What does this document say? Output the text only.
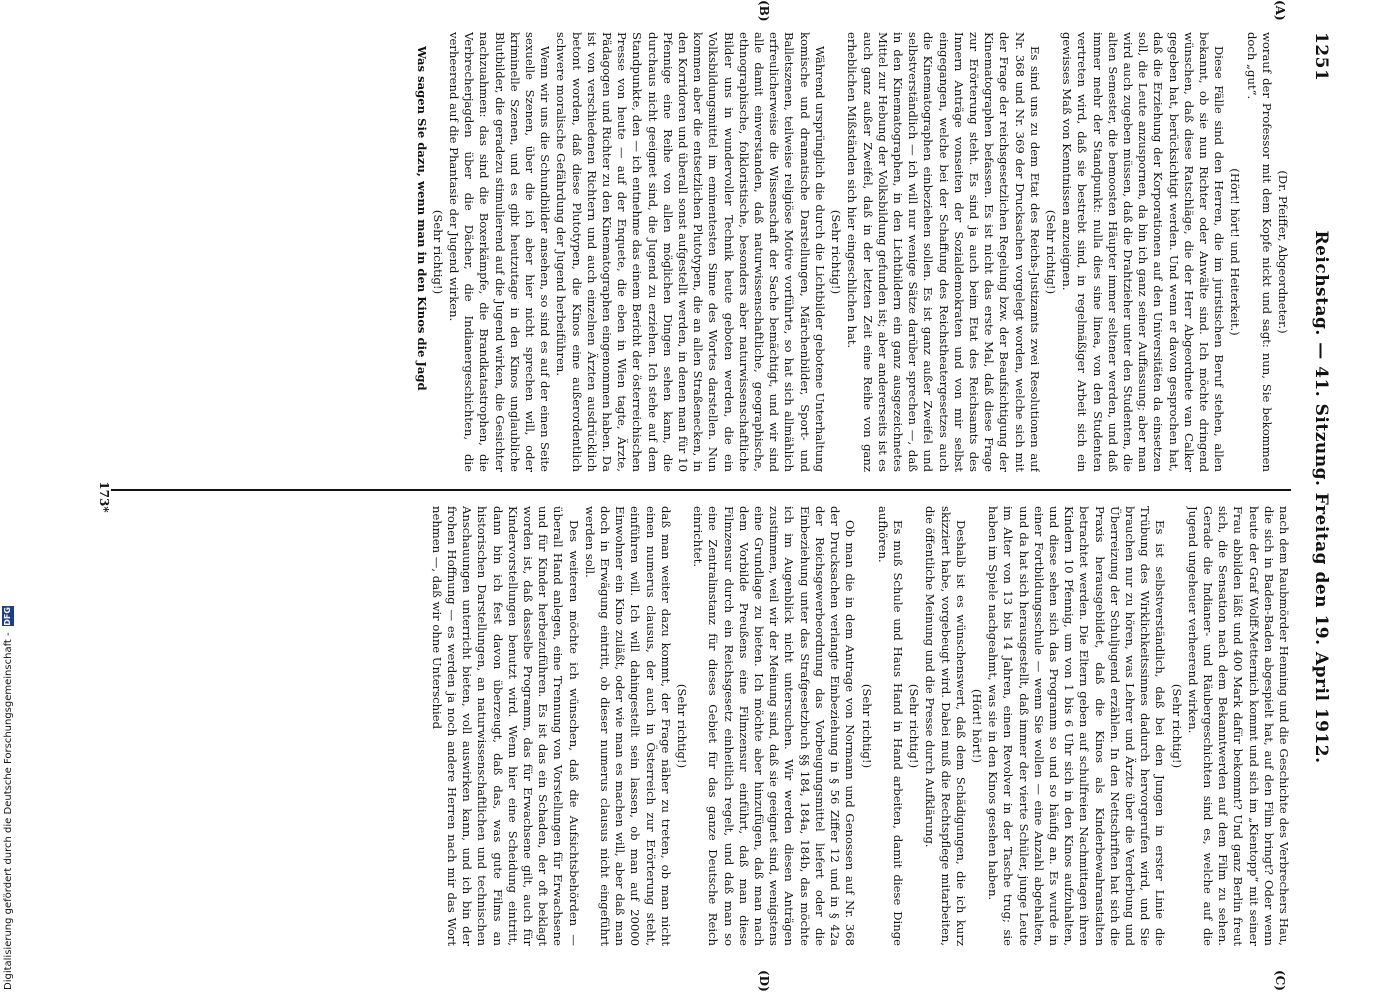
1251
Reichstag. — 41. Sitzung. Freitag den 19. April 1912.

(Dr. Pfeiffer, Abgeordneter.)

worauf der Professor mit dem Kopfe nickt und sagt: nun, Sie bekommen doch „gut“.

(Hört! hört! und Heiterkeit.)

Diese Fälle sind den Herren, die im juristischen Beruf stehen, allen bekannt, ob sie nun Richter oder Anwälte sind. Ich möchte dringend wünschen, daß diese Ratschläge, die der Herr Abgeordnete van Calker gegeben hat, berücksichtigt werden. Und wenn er davon gesprochen hat, daß die Erziehung der Korporationen auf den Universitäten da einsetzen soll, die Leute anzuspornen, da bin ich ganz seiner Auffassung; aber man wird auch zugeben müssen, daß die Drahtzieher unter den Studenten, die alten Semester, die bemoosten Häupter immer seltener werden, und daß immer mehr der Standpunkt: nulla dies sine linea, von den Studenten vertreten wird, daß sie bestrebt sind, in regelmäßiger Arbeit sich ein gewisses Maß von Kenntnissen anzueignen.

(Sehr richtig!)

Es sind uns zu dem Etat des Reichs-Justizamts zwei Resolutionen auf Nr. 368 und Nr. 369 der Drucksachen vorgelegt worden, welche sich mit der Frage der reichsgesetzlichen Regelung bzw. der Beaufsichtigung der Kinematographen befassen. Es ist nicht das erste Mal, daß diese Frage zur Erörterung steht. Es sind ja auch beim Etat des Reichsamts des Innern Anträge vonseiten der Sozialdemokraten und von mir selbst eingegangen, welche bei der Schaffung des Reichstheatergesetzes auch die Kinematographen einbeziehen sollen. Es ist ganz außer Zweifel und selbstverständlich — ich will nur wenige Sätze darüber sprechen —, daß in den Kinematographen, in den Lichtbildern ein ganz ausgezeichnetes Mittel zur Hebung der Volksbildung gefunden ist; aber andererseits ist es auch ganz außer Zweifel, daß in der letzten Zeit eine Reihe von ganz erheblichen Mißständen sich hier eingeschlichen hat.

(Sehr richtig!)

Während ursprünglich die durch die Lichtbilder gebotene Unterhaltung komische und dramatische Darstellungen, Märchenbilder, Sport- und Balletszenen, teilweise religiöse Motive vorführte, so hat sich allmählich erfreulicherweise die Wissenschaft der Sache bemächtigt, und wir sind alle damit einverstanden, daß naturwissenschaftliche, geographische, ethnographische, folkloristische, besonders aber naturwissenschaftliche Bilder uns in wundervoller Technik heute geboten werden, die ein Volksbildungsmittel im eminentesten Sinne des Wortes darstellen. Nun kommen aber die entsetzlichen Plutotypen, die an allen Straßenecken, in den Korridoren und überall sonst aufgestellt werden, in denen man für 10 Pfennige eine Reihe von allen möglichen Dingen sehen kann, die durchaus nicht geeignet sind, die Jugend zu erziehen. Ich stehe auf dem Standpunkte, den — ich entnehme das einem Bericht der österreichischen Presse von heute — auf der Enquete, die eben in Wien tagte, Ärzte, Pädagogen und Richter zu den Kinematographen eingenommen haben. Da ist von verschiedenen Richtern und auch einzelnen Ärzten ausdrücklich betont worden, daß diese Plutotypen, die Kinos eine außerordentlich schwere moralische Gefährdung der Jugend herbeiführen.

Wenn wir uns die Schundbilder ansehen, so sind es auf der einen Seite sexuelle Szenen, über die ich aber hier nicht sprechen will, oder kriminelle Szenen, und es gibt heutzutage in den Kinos unglaubliche Blutbilder, die geradezu stimulierend auf die Jugend wirken, die Gesichter nachzuahmen: das sind die Boxerkämpfe, die Brandkatastrophen, die Verbrecherjagden über die Dächer, die Indianergeschichten, die verheerend auf die Phantasie der Jugend wirken.

(Sehr richtig!)

Was sagen Sie dazu, wenn man in den Kinos die Jagd

nach dem Raubmörder Henning und die Geschichte des Verbrechers Hau, die sich in Baden-Baden abgespielt hat, auf den Film bringt? Oder wenn heute der Graf Wolff-Metternich kommt und sich im „Kientopp“ mit seiner Frau abbilden läßt und 400 Mark dafür bekommt? Und ganz Berlin freut sich, die Sensation nach dem Bekanntwerden auf dem Film zu sehen. Gerade die Indianer- und Räubergeschichten sind es, welche auf die Jugend ungeheuer verheerend wirken.

(Sehr richtig!)

Es ist selbstverständlich, daß bei den Jungen in erster Linie die Trübung des Wirklichkeitssinnes dadurch hervorgerufen wird, und Sie brauchen nur zu hören, was Lehrer und Ärzte über die Verderbung und Überreizung der Schuljugend erzählen. In den Nettschriften hat sich die Praxis herausgebildet, daß die Kinos als Kinderbewahranstalten betrachtet werden. Die Eltern geben auf schulfreien Nachmittagen ihren Kindern 10 Pfennig, um von 1 bis 6 Uhr sich in den Kinos aufzuhalten, und diese sehen sich das Programm so und so häufig an. Es wurde in einer Fortbildungsschule — wenn Sie wollen — eine Anzahl abgehalten, und da hat sich herausgestellt, daß immer der vierte Schüler, junge Leute im Alter von 13 bis 14 Jahren, einen Revolver in der Tasche trug; sie haben im Spiele nachgeahmt, was sie in den Kinos gesehen haben.

(Hört! hört!)

Deshalb ist es wünschenswert, daß dem Schädigungen, die ich kurz skizziert habe, vorgebeugt wird. Dabei muß die Rechtspflege mitarbeiten, die öffentliche Meinung und die Presse durch Aufklärung.

(Sehr richtig!)

Es muß Schule und Haus Hand in Hand arbeiten, damit diese Dinge aufhören.

(Sehr richtig!)

Ob man die in dem Antrage von Normann und Genossen auf Nr. 368 der Drucksachen verlangte Einbeziehung in § 56 Ziffer 12 und in § 42a der Reichsgewerbeordnung das Vorbeugungsmittel liefert oder die Einbeziehung unter das Strafgesetzbuch §§ 184, 184a, 184b, das möchte ich im Augenblick nicht untersuchen. Wir werden diesen Anträgen zustimmen, weil wir der Meinung sind, daß sie geeignet sind, wenigstens eine Grundlage zu bieten. Ich möchte aber hinzufügen, daß man nach dem Vorbilde Preußens eine Filmzensur einführt, daß man diese Filmzensur durch ein Reichsgesetz einheitlich regelt, und daß man so eine Zentralinstanz für dieses Gebiet für das ganze Deutsche Reich einrichtet.

(Sehr richtig!)

daß man weiter dazu kommt, der Frage näher zu treten, ob man nicht einen numerus clausus, der auch in Österreich zur Erörterung steht, einführen will. Ich will dahingestellt sein lassen, ob man auf 20000 Einwohner ein Kino zuläßt, oder wie man es machen will, aber daß man doch in Erwägung eintritt, ob dieser numerus clausus nicht eingeführt werden soll.

Des weiteren möchte ich wünschen, daß die Aufsichtsbehörden — überall Hand anlegen, eine Trennung von Vorstellungen für Erwachsene und für Kinder herbeizuführen. Es ist das ein Schaden, der oft beklagt worden ist, daß dasselbe Programm, das für Erwachsene gilt, auch für Kindervorstellungen benutzt wird. Wenn hier eine Scheidung eintritt, dann bin ich fest davon überzeugt, daß das, was gute Films an historischen Darstellungen, an naturwissenschaftlichen und technischen Anschauungen unterricht bieten, voll auswirken kann, und ich bin der frohen Hoffnung — es werden ja noch andere Herren nach mir das Wort nehmen —, daß wir ohne Unterschied

(A)
(B)
(C)
(D)
173*
Digitalisierung gefördert durch die Deutsche Forschungsgemeinschaft -
DFG
